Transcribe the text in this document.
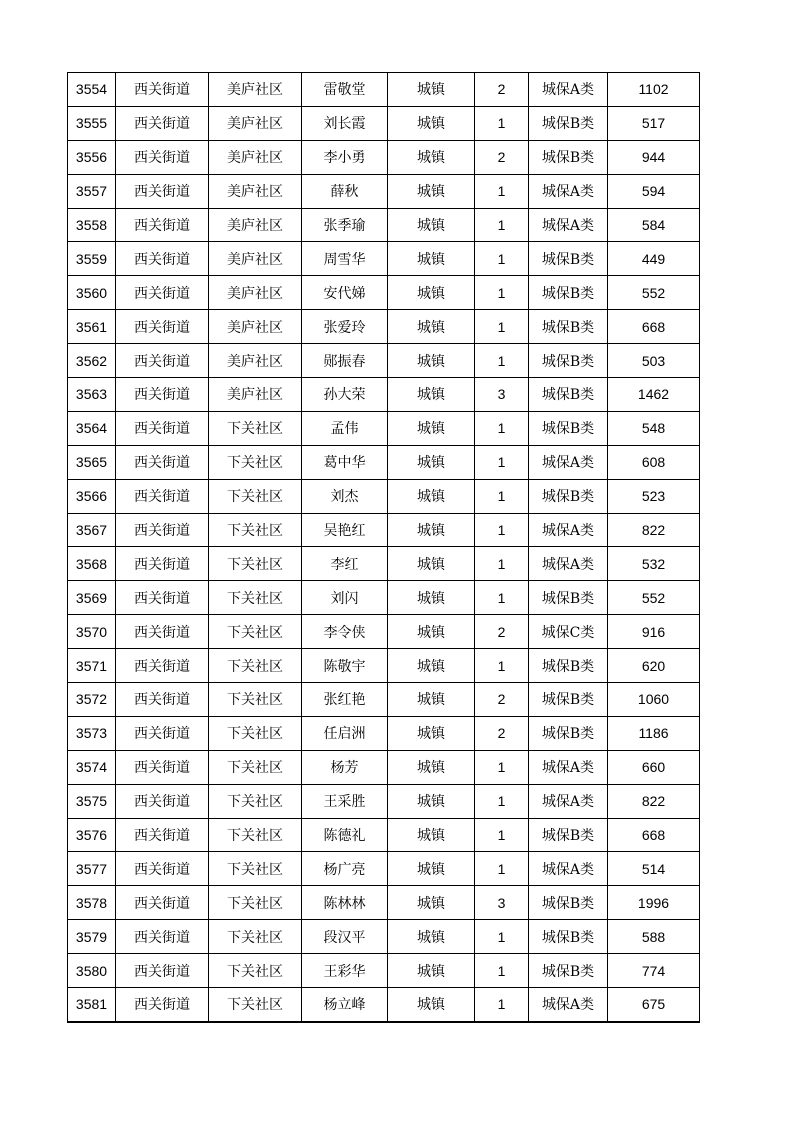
3554	西关街道	美庐社区	雷敬堂	城镇	2	城保A类	1102
3555	西关街道	美庐社区	刘长霞	城镇	1	城保B类	517
3556	西关街道	美庐社区	李小勇	城镇	2	城保B类	944
3557	西关街道	美庐社区	薛秋	城镇	1	城保A类	594
3558	西关街道	美庐社区	张季瑜	城镇	1	城保A类	584
3559	西关街道	美庐社区	周雪华	城镇	1	城保B类	449
3560	西关街道	美庐社区	安代娣	城镇	1	城保B类	552
3561	西关街道	美庐社区	张爱玲	城镇	1	城保B类	668
3562	西关街道	美庐社区	郧振春	城镇	1	城保B类	503
3563	西关街道	美庐社区	孙大荣	城镇	3	城保B类	1462
3564	西关街道	下关社区	孟伟	城镇	1	城保B类	548
3565	西关街道	下关社区	葛中华	城镇	1	城保A类	608
3566	西关街道	下关社区	刘杰	城镇	1	城保B类	523
3567	西关街道	下关社区	吴艳红	城镇	1	城保A类	822
3568	西关街道	下关社区	李红	城镇	1	城保A类	532
3569	西关街道	下关社区	刘闪	城镇	1	城保B类	552
3570	西关街道	下关社区	李令侠	城镇	2	城保C类	916
3571	西关街道	下关社区	陈敬宇	城镇	1	城保B类	620
3572	西关街道	下关社区	张红艳	城镇	2	城保B类	1060
3573	西关街道	下关社区	任启洲	城镇	2	城保B类	1186
3574	西关街道	下关社区	杨芳	城镇	1	城保A类	660
3575	西关街道	下关社区	王采胜	城镇	1	城保A类	822
3576	西关街道	下关社区	陈德礼	城镇	1	城保B类	668
3577	西关街道	下关社区	杨广亮	城镇	1	城保A类	514
3578	西关街道	下关社区	陈林林	城镇	3	城保B类	1996
3579	西关街道	下关社区	段汉平	城镇	1	城保B类	588
3580	西关街道	下关社区	王彩华	城镇	1	城保B类	774
3581	西关街道	下关社区	杨立峰	城镇	1	城保A类	675
